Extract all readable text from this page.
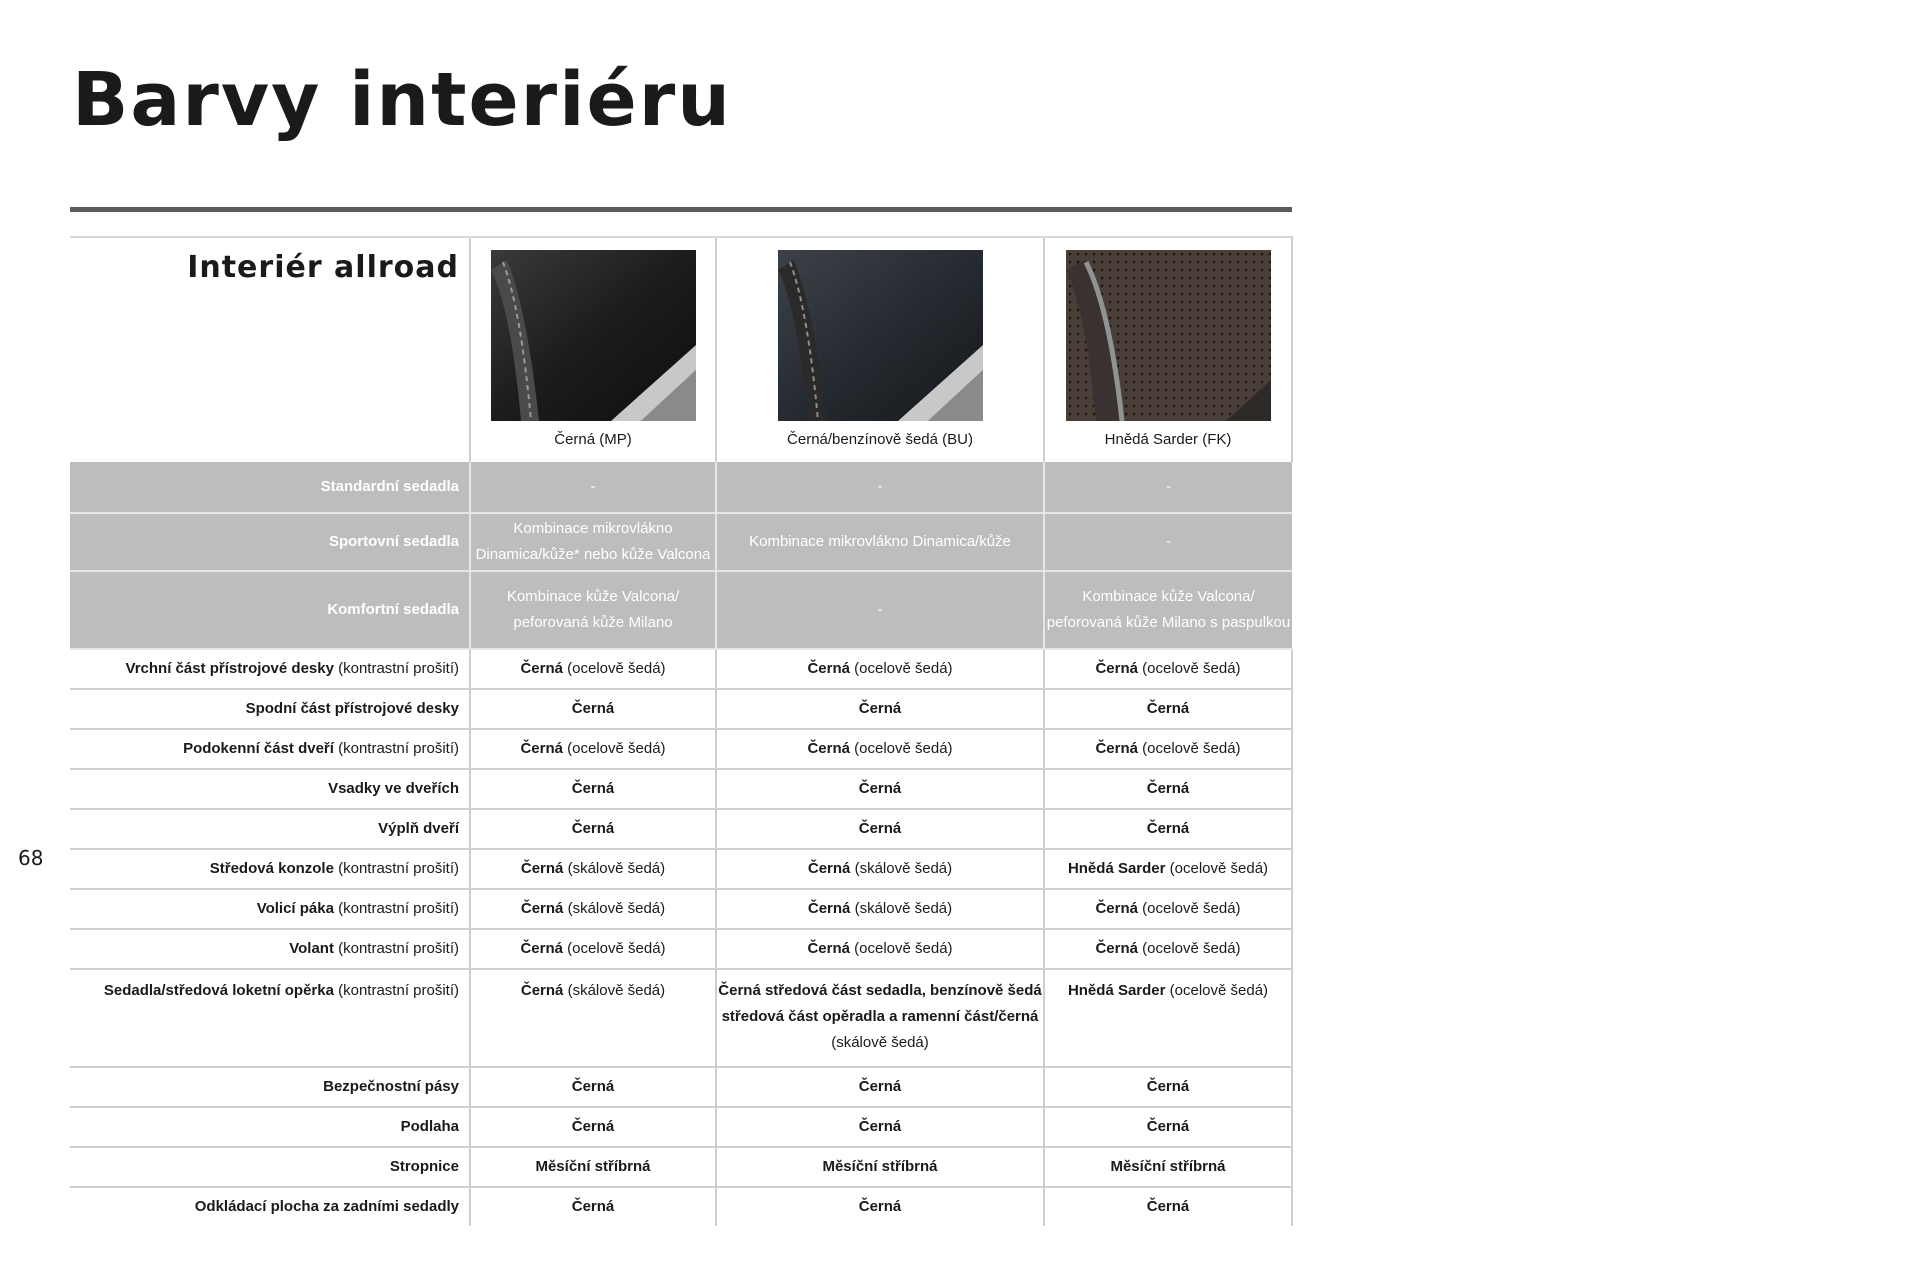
Barvy interiéru
68
Interiér allroad	Černá (MP)	Černá/benzínově šedá (BU)	Hnědá Sarder (FK)

Standardní sedadla	-	-	-
Sportovní sedadla	Kombinace mikrovlákno Dinamica/kůže* nebo kůže Valcona	Kombinace mikrovlákno Dinamica/kůže	-
Komfortní sedadla	Kombinace kůže Valcona/ peforovaná kůže Milano	-	Kombinace kůže Valcona/ peforovaná kůže Milano s paspulkou
Vrchní část přístrojové desky (kontrastní prošití)	Černá (ocelově šedá)	Černá (ocelově šedá)	Černá (ocelově šedá)
Spodní část přístrojové desky	Černá	Černá	Černá
Podokenní část dveří (kontrastní prošití)	Černá (ocelově šedá)	Černá (ocelově šedá)	Černá (ocelově šedá)
Vsadky ve dveřích	Černá	Černá	Černá
Výplň dveří	Černá	Černá	Černá
Středová konzole (kontrastní prošití)	Černá (skálově šedá)	Černá (skálově šedá)	Hnědá Sarder (ocelově šedá)
Volicí páka (kontrastní prošití)	Černá (skálově šedá)	Černá (skálově šedá)	Černá (ocelově šedá)
Volant (kontrastní prošití)	Černá (ocelově šedá)	Černá (ocelově šedá)	Černá (ocelově šedá)
Sedadla/středová loketní opěrka (kontrastní prošití)	Černá (skálově šedá)	Černá středová část sedadla, benzínově šedá středová část opěradla a ramenní část/černá (skálově šedá)	Hnědá Sarder (ocelově šedá)
Bezpečnostní pásy	Černá	Černá	Černá
Podlaha	Černá	Černá	Černá
Stropnice	Měsíční stříbrná	Měsíční stříbrná	Měsíční stříbrná
Odkládací plocha za zadními sedadly	Černá	Černá	Černá
